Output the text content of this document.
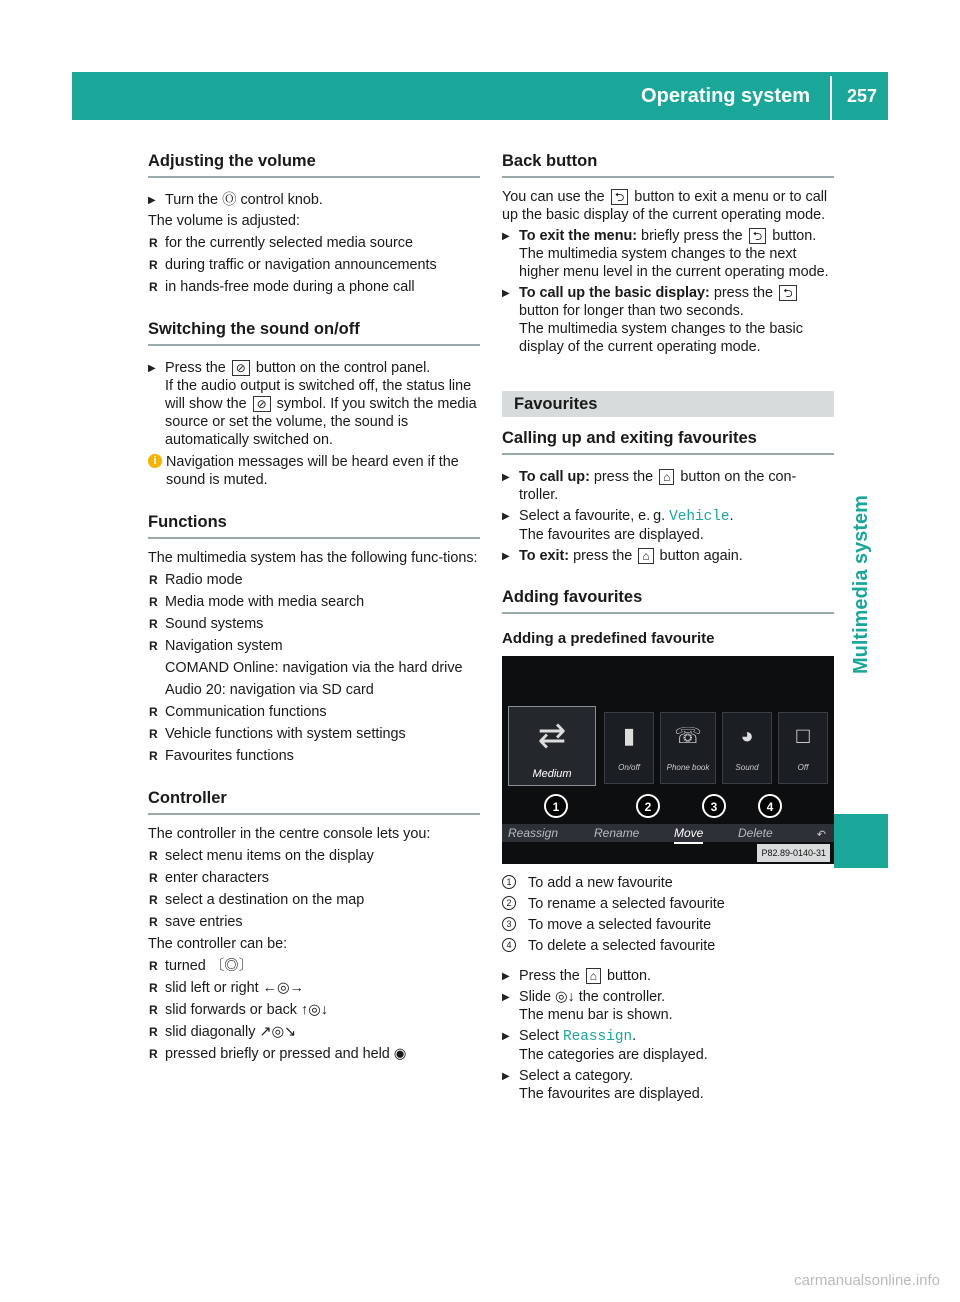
Operating system	257
Multimedia system
Adjusting the volume
▶ Turn the Ⓞ control knob.

The volume is adjusted:

R for the currently selected media source
R during traffic or navigation announcements
R in hands-free mode during a phone call
Switching the sound on/off
▶ Press the ⊘ button on the control panel.
If the audio output is switched off, the status line will show the ⊘ symbol. If you switch the media source or set the volume, the sound is automatically switched on.
i Navigation messages will be heard even if the sound is muted.
Functions

The multimedia system has the following func-tions:

R Radio mode
R Media mode with media search
R Sound systems
R Navigation system
COMAND Online: navigation via the hard drive
Audio 20: navigation via SD card
R Communication functions
R Vehicle functions with system settings
R Favourites functions
Controller

The controller in the centre console lets you:

R select menu items on the display
R enter characters
R select a destination on the map
R save entries

The controller can be:

R turned 〔◎〕
R slid left or right ←◎→
R slid forwards or back ↑◎↓
R slid diagonally ↗◎↘
R pressed briefly or pressed and held ◉
Back button

You can use the ⮌ button to exit a menu or to call up the basic display of the current operating mode.

▶ To exit the menu: briefly press the ⮌ button.
The multimedia system changes to the next higher menu level in the current operating mode.
▶ To call up the basic display: press the ⮌ button for longer than two seconds.
The multimedia system changes to the basic display of the current operating mode.
Favourites
Calling up and exiting favourites
▶ To call up: press the ⌂ button on the con-troller.
▶ Select a favourite, e. g. Vehicle.
The favourites are displayed.
▶ To exit: press the ⌂ button again.
Adding favourites
Adding a predefined favourite
⇄
Medium
▮
On/off
☏
Phone book
◕
Sound
□
Off
1	2	3	4
Reassign	Rename	Move	Delete	↶
P82.89-0140-31
1	To add a new favourite
2	To rename a selected favourite
3	To move a selected favourite
4	To delete a selected favourite
▶ Press the ⌂ button.
▶ Slide ◎↓ the controller.
The menu bar is shown.
▶ Select Reassign.
The categories are displayed.
▶ Select a category.
The favourites are displayed.
carmanualsonline.info
